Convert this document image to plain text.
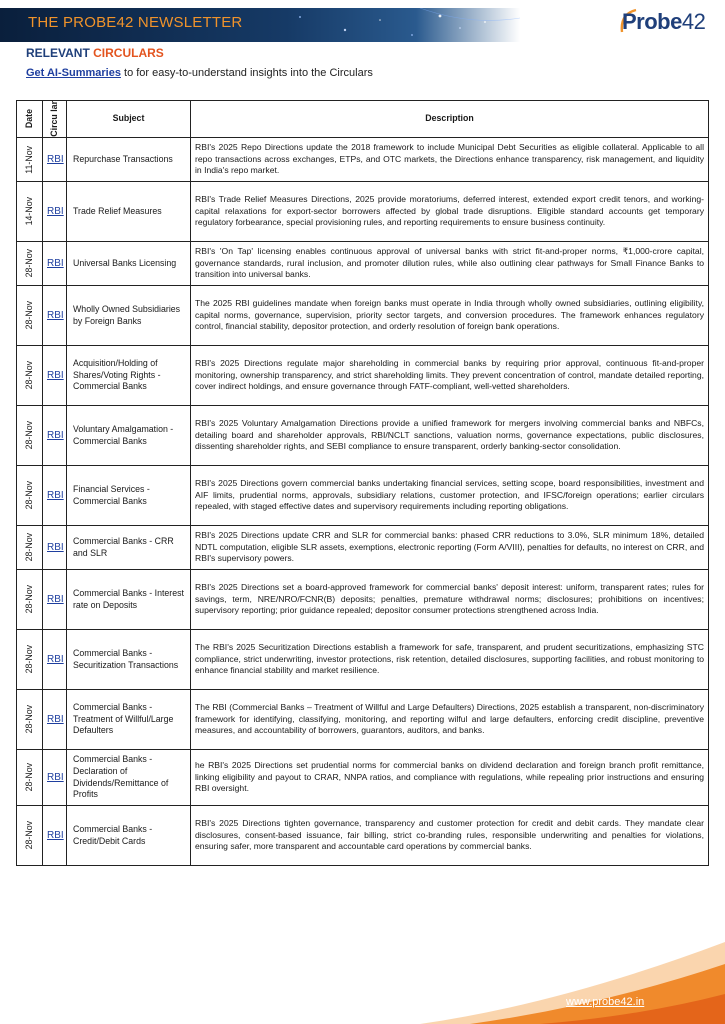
THE PROBE42 NEWSLETTER	Probe42
RELEVANT CIRCULARS
Get AI-Summaries to for easy-to-understand insights into the Circulars
Date	Circu lar	Subject	Description

11-Nov	RBI	Repurchase Transactions	RBI's 2025 Repo Directions update the 2018 framework to include Municipal Debt Securities as eligible collateral. Applicable to all repo transactions across exchanges, ETPs, and OTC markets, the Directions enhance transparency, risk management, and liquidity in India's repo market.

14-Nov	RBI	Trade Relief Measures	RBI's Trade Relief Measures Directions, 2025 provide moratoriums, deferred interest, extended export credit tenors, and working-capital relaxations for export-sector borrowers affected by global trade disruptions. Eligible standard accounts get temporary regulatory forbearance, special provisioning rules, and reporting requirements to ensure business continuity.

28-Nov	RBI	Universal Banks Licensing	RBI's 'On Tap' licensing enables continuous approval of universal banks with strict fit-and-proper norms, ₹1,000-crore capital, governance standards, rural inclusion, and promoter dilution rules, while also outlining clear pathways for Small Finance Banks to transition into universal banks.

28-Nov	RBI	Wholly Owned Subsidiaries by Foreign Banks	The 2025 RBI guidelines mandate when foreign banks must operate in India through wholly owned subsidiaries, outlining eligibility, capital norms, governance, supervision, priority sector targets, and conversion procedures. The framework enhances regulatory control, financial stability, depositor protection, and orderly resolution of foreign bank operations.

28-Nov	RBI	Acquisition/Holding of Shares/Voting Rights - Commercial Banks	RBI's 2025 Directions regulate major shareholding in commercial banks by requiring prior approval, continuous fit-and-proper monitoring, ownership transparency, and strict shareholding limits. They prevent concentration of control, mandate detailed reporting, cover indirect holdings, and ensure governance through FATF-compliant, well-vetted shareholders.

28-Nov	RBI	Voluntary Amalgamation - Commercial Banks	RBI's 2025 Voluntary Amalgamation Directions provide a unified framework for mergers involving commercial banks and NBFCs, detailing board and shareholder approvals, RBI/NCLT sanctions, valuation norms, governance expectations, public disclosures, dissenting shareholder rights, and SEBI compliance to ensure transparent, orderly banking-sector consolidation.

28-Nov	RBI	Financial Services - Commercial Banks	RBI's 2025 Directions govern commercial banks undertaking financial services, setting scope, board responsibilities, investment and AIF limits, prudential norms, approvals, subsidiary relations, customer protection, and IFSC/foreign operations; earlier circulars repealed, with staged effective dates and supervisory requirements including reporting obligations.

28-Nov	RBI	Commercial Banks - CRR and SLR	RBI's 2025 Directions update CRR and SLR for commercial banks: phased CRR reductions to 3.0%, SLR minimum 18%, detailed NDTL computation, eligible SLR assets, exemptions, electronic reporting (Form A/VIII), penalties for defaults, no interest on CRR, and RBI's supervisory powers.

28-Nov	RBI	Commercial Banks - Interest rate on Deposits	RBI's 2025 Directions set a board-approved framework for commercial banks' deposit interest: uniform, transparent rates; rules for savings, term, NRE/NRO/FCNR(B) deposits; penalties, premature withdrawal norms; disclosures; prohibitions on incentives; supervisory reporting; prior guidance repealed; depositor consumer protections strengthened across India.

28-Nov	RBI	Commercial Banks - Securitization Transactions	The RBI's 2025 Securitization Directions establish a framework for safe, transparent, and prudent securitizations, emphasizing STC compliance, strict underwriting, investor protections, risk retention, detailed disclosures, supporting facilities, and robust monitoring to enhance financial stability and market resilience.

28-Nov	RBI	Commercial Banks - Treatment of Willful/Large Defaulters	The RBI (Commercial Banks – Treatment of Willful and Large Defaulters) Directions, 2025 establish a transparent, non-discriminatory framework for identifying, classifying, monitoring, and reporting wilful and large defaulters, enforcing credit discipline, preventive measures, and accountability of borrowers, guarantors, auditors, and banks.

28-Nov	RBI	Commercial Banks - Declaration of Dividends/Remittance of Profits	he RBI's 2025 Directions set prudential norms for commercial banks on dividend declaration and foreign branch profit remittance, linking eligibility and payout to CRAR, NNPA ratios, and compliance with regulations, while repealing prior instructions and ensuring RBI oversight.

28-Nov	RBI	Commercial Banks - Credit/Debit Cards	RBI's 2025 Directions tighten governance, transparency and customer protection for credit and debit cards. They mandate clear disclosures, consent-based issuance, fair billing, strict co-branding rules, responsible underwriting and penalties for violations, ensuring safer, more transparent and accountable card operations by commercial banks.
www.probe42.in
